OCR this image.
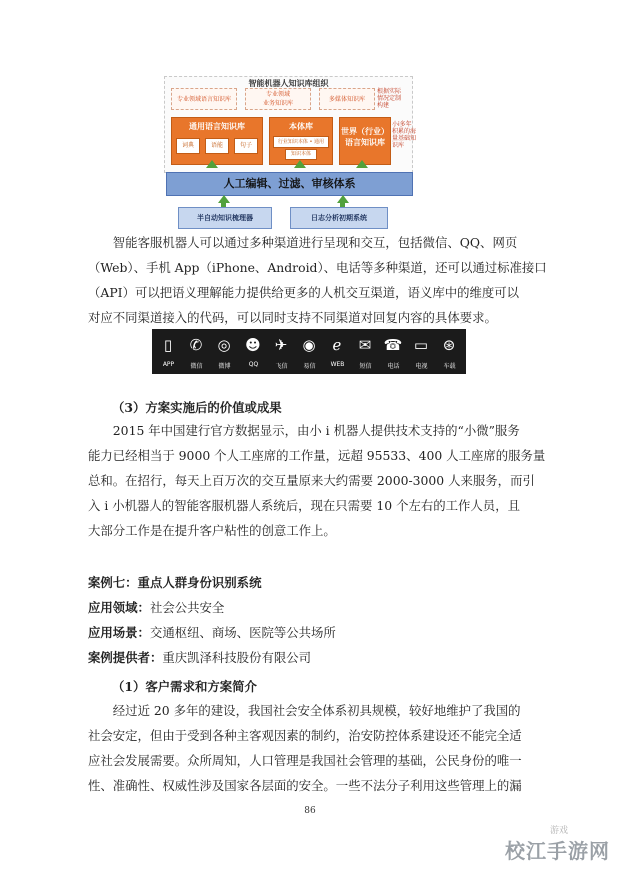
智能机器人知识库组织
专业领域语言知识库
专业领域
业务知识库
多媒体知识库
根据实际
情况定制
构建
通用语言知识库
词典	语能	句子
本体库
行业知识本体 • 通用
知识本体
世界（行业）
语言知识库
小i多年
积累的海
量基础知
识库
人工编辑、过滤、审核体系
半自动知识梳理器	日志分析初期系统
智能客服机器人可以通过多种渠道进行呈现和交互，包括微信、QQ、网页
（Web）、手机 App（iPhone、Android）、电话等多种渠道，还可以通过标准接口
（API）可以把语义理解能力提供给更多的人机交互渠道，语义库中的维度可以
对应不同渠道接入的代码，可以同时支持不同渠道对回复内容的具体要求。
▯
APP
✆
微信
◎
微博
☻
QQ
✈
飞信
◉
易信
ℯ
WEB
✉
短信
☎
电话
▭
电视
⊛
车载
（3）方案实施后的价值或成果
2015 年中国建行官方数据显示，由小 i 机器人提供技术支持的“小微”服务
能力已经相当于 9000 个人工座席的工作量，远超 95533、400 人工座席的服务量
总和。在招行，每天上百万次的交互量原来大约需要 2000-3000 人来服务，而引
入 i 小机器人的智能客服机器人系统后，现在只需要 10 个左右的工作人员，且
大部分工作是在提升客户粘性的创意工作上。
案例七：重点人群身份识别系统
应用领域：社会公共安全
应用场景：交通枢纽、商场、医院等公共场所
案例提供者：重庆凯泽科技股份有限公司
（1）客户需求和方案简介
经过近 20 多年的建设，我国社会安全体系初具规模，较好地维护了我国的
社会安定，但由于受到各种主客观因素的制约，治安防控体系建设还不能完全适
应社会发展需要。众所周知，人口管理是我国社会管理的基础，公民身份的唯一
性、准确性、权威性涉及国家各层面的安全。一些不法分子利用这些管理上的漏
86
游戏
校江手游网
